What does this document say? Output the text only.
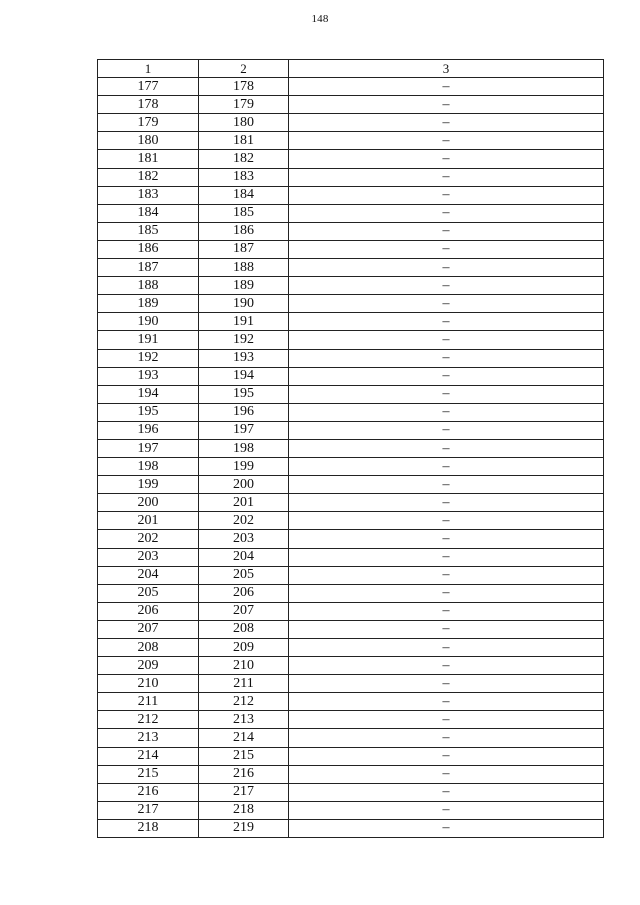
148
1	2	3
177	178	–
178	179	–
179	180	–
180	181	–
181	182	–
182	183	–
183	184	–
184	185	–
185	186	–
186	187	–
187	188	–
188	189	–
189	190	–
190	191	–
191	192	–
192	193	–
193	194	–
194	195	–
195	196	–
196	197	–
197	198	–
198	199	–
199	200	–
200	201	–
201	202	–
202	203	–
203	204	–
204	205	–
205	206	–
206	207	–
207	208	–
208	209	–
209	210	–
210	211	–
211	212	–
212	213	–
213	214	–
214	215	–
215	216	–
216	217	–
217	218	–
218	219	–
